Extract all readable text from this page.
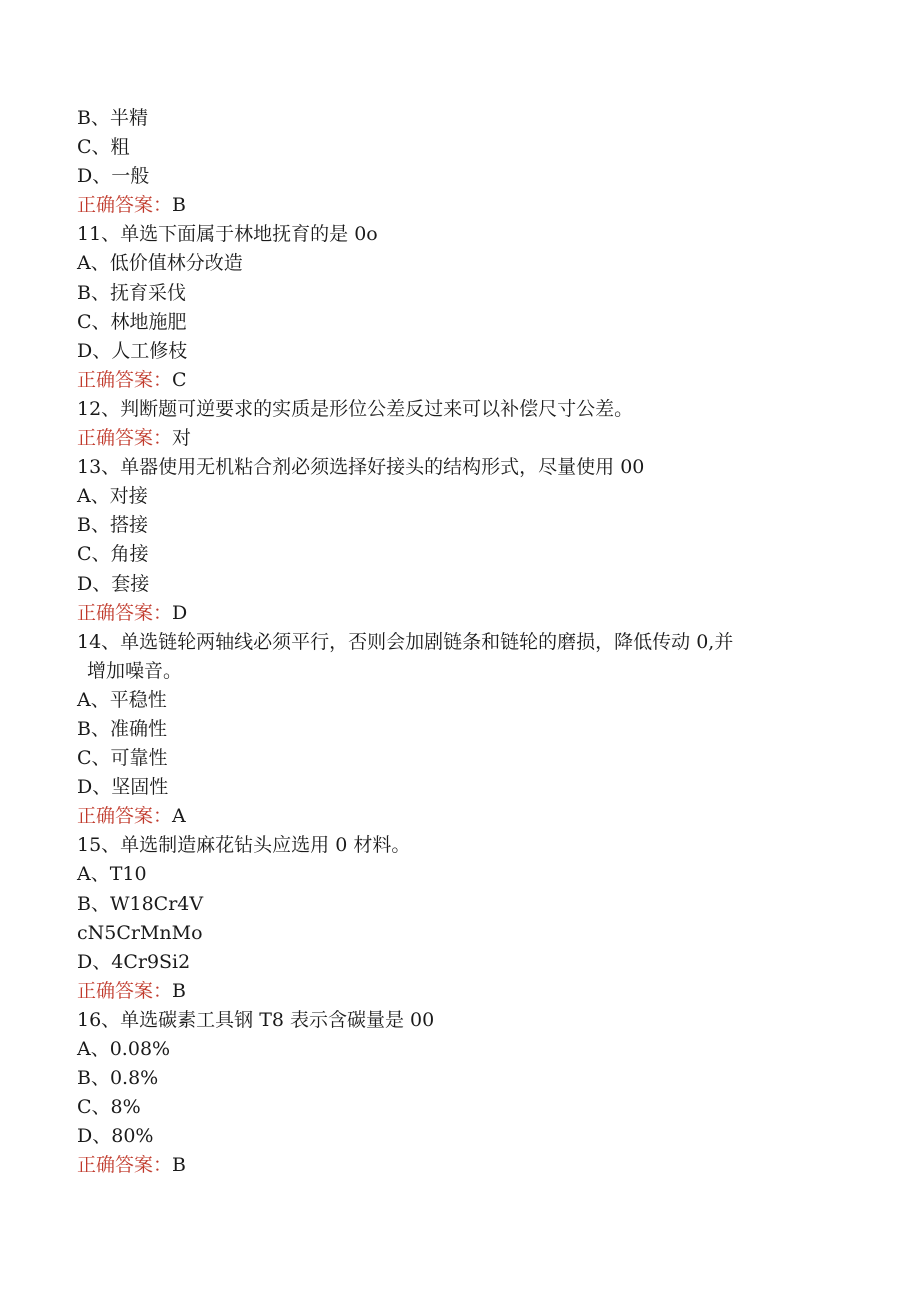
B、半精
C、粗
D、一般
正确答案：B
11、单选下面属于林地抚育的是 0o
A、低价值林分改造
B、抚育采伐
C、林地施肥
D、人工修枝
正确答案：C
12、判断题可逆要求的实质是形位公差反过来可以补偿尺寸公差。
正确答案：对
13、单器使用无机粘合剂必须选择好接头的结构形式，尽量使用 00
A、对接
B、搭接
C、角接
D、套接
正确答案：D
14、单选链轮两轴线必须平行，否则会加剧链条和链轮的磨损，降低传动 0,并
增加噪音。
A、平稳性
B、准确性
C、可靠性
D、坚固性
正确答案：A
15、单选制造麻花钻头应选用 0 材料。
A、T10
B、W18Cr4V
cN5CrMnMo
D、4Cr9Si2
正确答案：B
16、单选碳素工具钢 T8 表示含碳量是 00
A、0.08%
B、0.8%
C、8%
D、80%
正确答案：B
